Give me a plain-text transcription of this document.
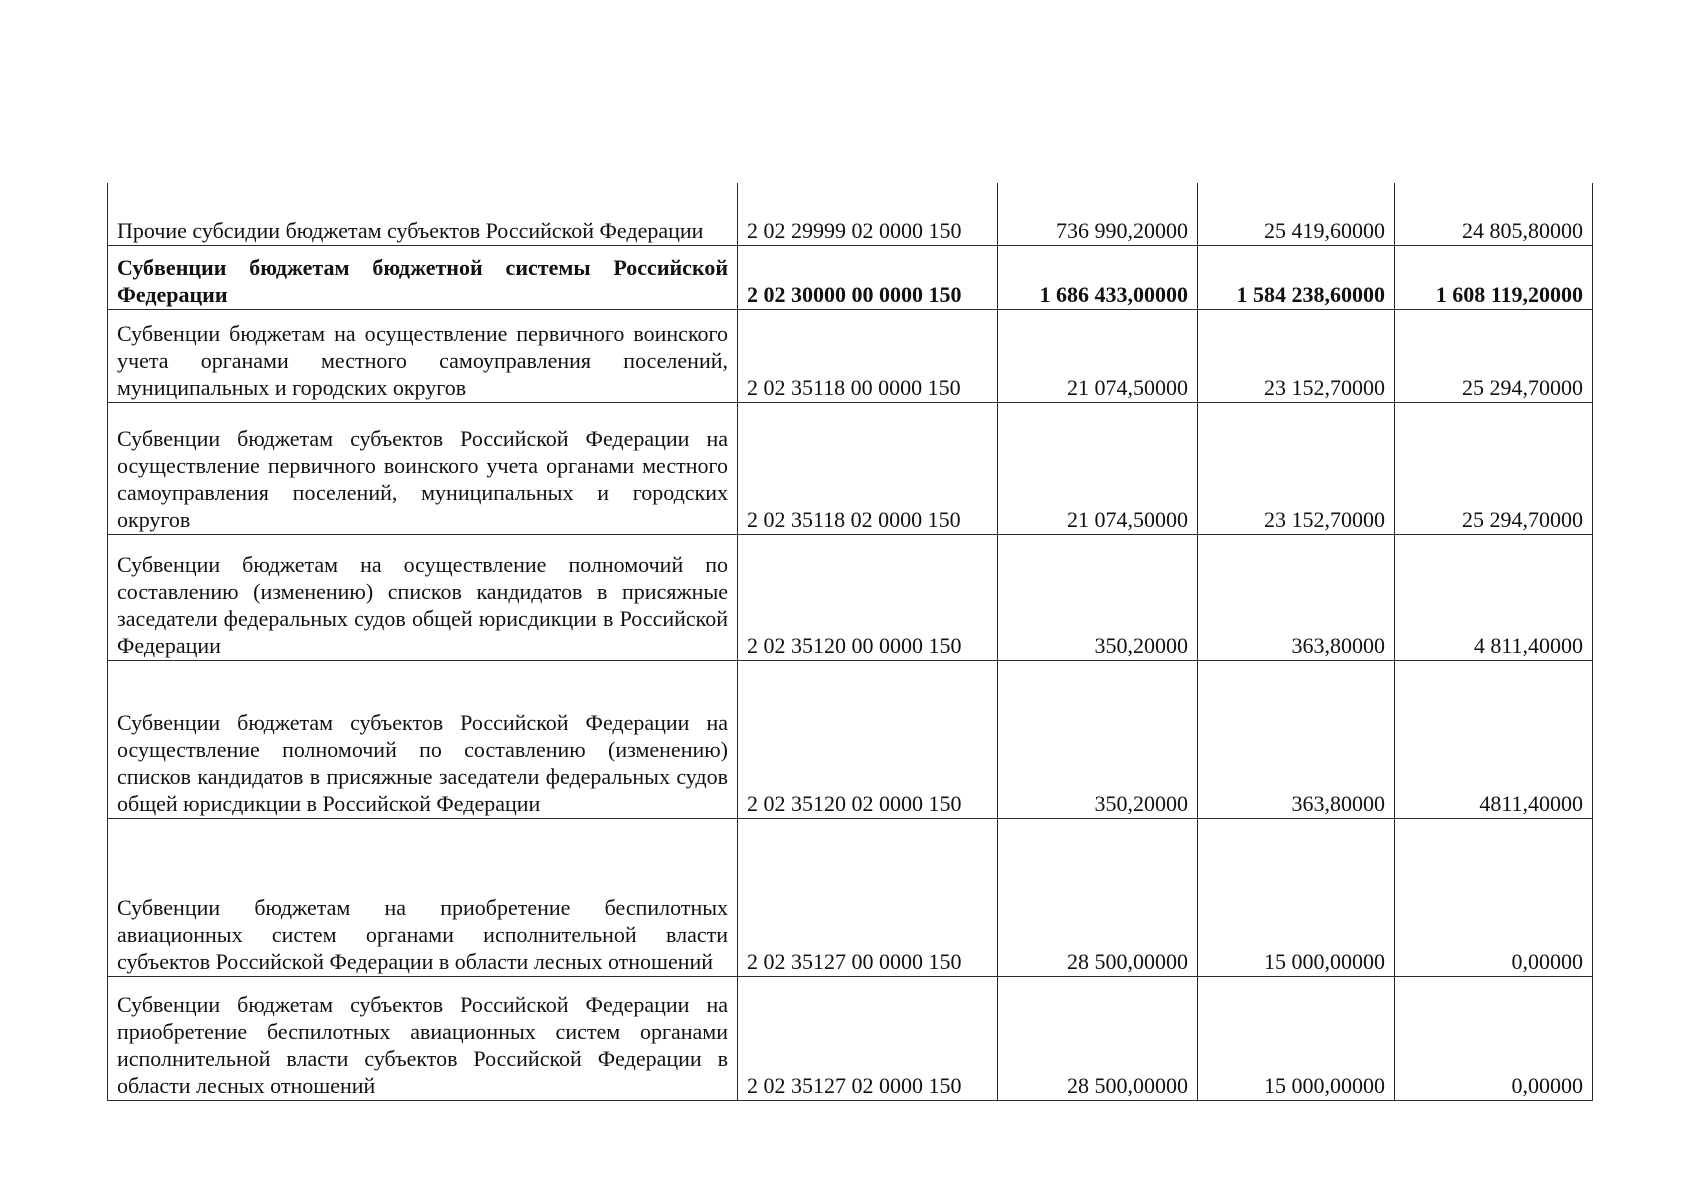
Прочие субсидии бюджетам субъектов Российской Федерации	2 02 29999 02 0000 150	736 990,20000	25 419,60000	24 805,80000
Субвенции бюджетам бюджетной системы Российской Федерации	2 02 30000 00 0000 150	1 686 433,00000	1 584 238,60000	1 608 119,20000
Субвенции бюджетам на осуществление первичного воинского учета органами местного самоуправления поселений, муниципальных и городских округов	2 02 35118 00 0000 150	21 074,50000	23 152,70000	25 294,70000
Субвенции бюджетам субъектов Российской Федерации на осуществление первичного воинского учета органами местного самоуправления поселений, муниципальных и городских округов	2 02 35118 02 0000 150	21 074,50000	23 152,70000	25 294,70000
Субвенции бюджетам на осуществление полномочий по составлению (изменению) списков кандидатов в присяжные заседатели федеральных судов общей юрисдикции в Российской Федерации	2 02 35120 00 0000 150	350,20000	363,80000	4 811,40000
Субвенции бюджетам субъектов Российской Федерации на осуществление полномочий по составлению (изменению) списков кандидатов в присяжные заседатели федеральных судов общей юрисдикции в Российской Федерации	2 02 35120 02 0000 150	350,20000	363,80000	4811,40000
Субвенции бюджетам на приобретение беспилотных авиационных систем органами исполнительной власти субъектов Российской Федерации в области лесных отношений	2 02 35127 00 0000 150	28 500,00000	15 000,00000	0,00000
Субвенции бюджетам субъектов Российской Федерации на приобретение беспилотных авиационных систем органами исполнительной власти субъектов Российской Федерации в области лесных отношений	2 02 35127 02 0000 150	28 500,00000	15 000,00000	0,00000
